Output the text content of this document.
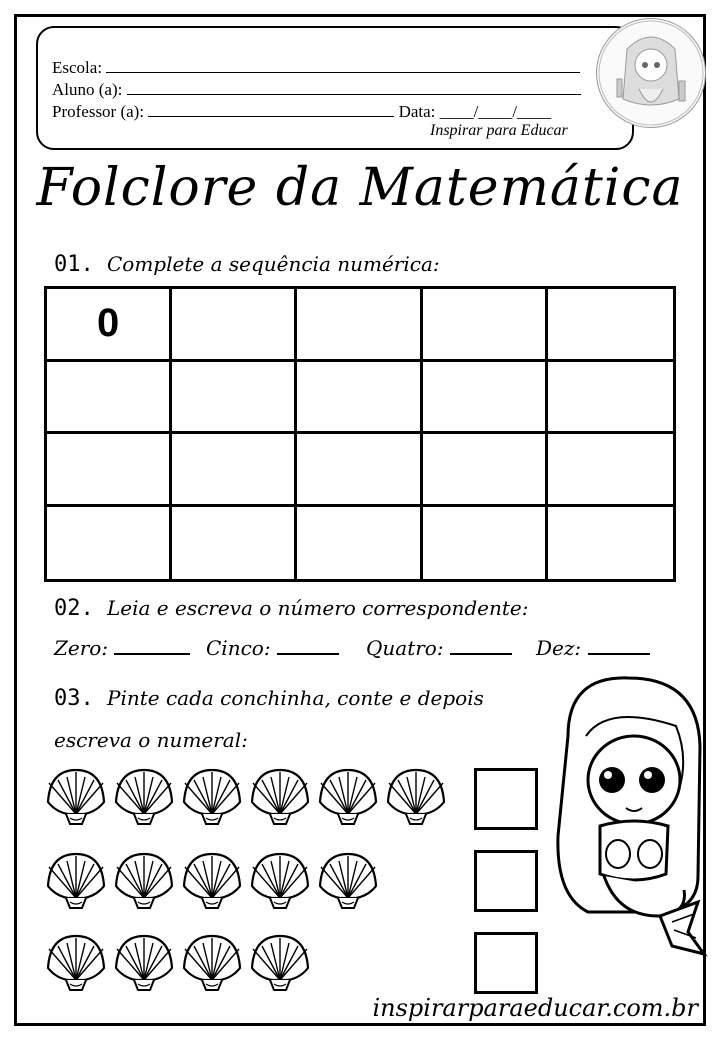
Escola:
Aluno (a):
Professor (a):	Data: ____/____/____
Inspirar para Educar
Folclore da Matemática
01. Complete a sequência numérica:
0
02. Leia e escreva o número correspondente:
Zero:	Cinco:	Quatro:	Dez:
03. Pinte cada conchinha, conte e depois
escreva o numeral:
inspirarparaeducar.com.br
